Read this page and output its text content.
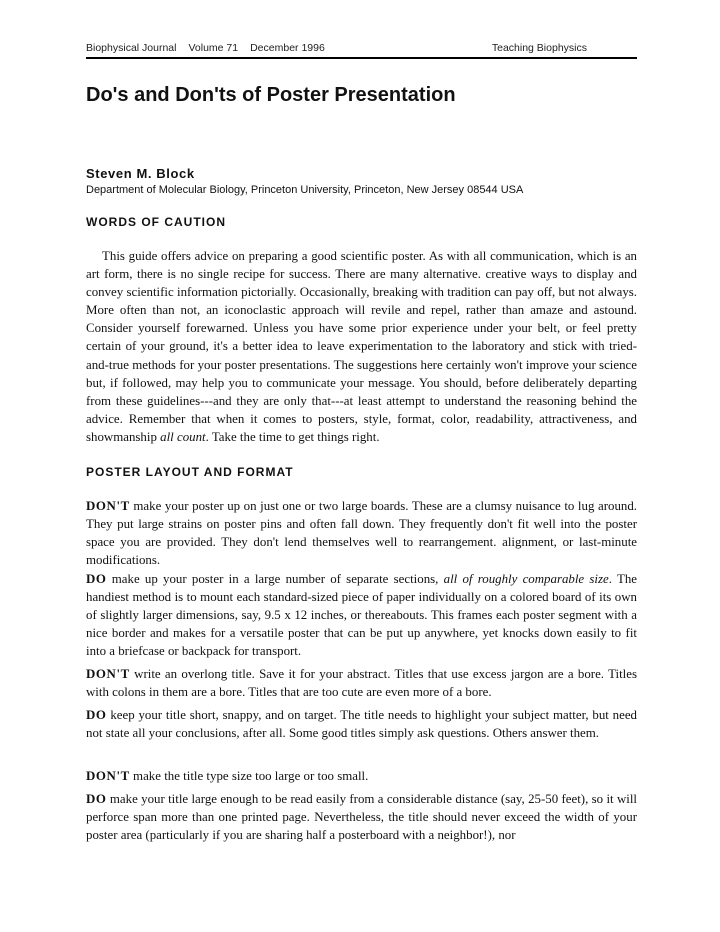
Biophysical Journal Volume 71 December 1996	Teaching Biophysics
Do's and Don'ts of Poster Presentation
Steven M. Block
Department of Molecular Biology, Princeton University, Princeton, New Jersey 08544 USA
WORDS OF CAUTION

This guide offers advice on preparing a good scientific poster. As with all communication, which is an art form, there is no single recipe for success. There are many alternative. creative ways to display and convey scientific information pictorially. Occasionally, breaking with tradition can pay off, but not always. More often than not, an iconoclastic approach will revile and repel, rather than amaze and astound. Consider yourself forewarned. Unless you have some prior experience under your belt, or feel pretty certain of your ground, it's a better idea to leave experimentation to the laboratory and stick with tried-and-true methods for your poster presentations. The suggestions here certainly won't improve your science but, if followed, may help you to communicate your message. You should, before deliberately departing from these guidelines---and they are only that---at least attempt to understand the reasoning behind the advice. Remember that when it comes to posters, style, format, color, readability, attractiveness, and showmanship all count. Take the time to get things right.

POSTER LAYOUT AND FORMAT

DON'T make your poster up on just one or two large boards. These are a clumsy nuisance to lug around. They put large strains on poster pins and often fall down. They frequently don't fit well into the poster space you are provided. They don't lend themselves well to rearrangement. alignment, or last-minute modifications.

DO make up your poster in a large number of separate sections, all of roughly comparable size. The handiest method is to mount each standard-sized piece of paper individually on a colored board of its own of slightly larger dimensions, say, 9.5 x 12 inches, or thereabouts. This frames each poster segment with a nice border and makes for a versatile poster that can be put up anywhere, yet knocks down easily to fit into a briefcase or backpack for transport.

DON'T write an overlong title. Save it for your abstract. Titles that use excess jargon are a bore. Titles with colons in them are a bore. Titles that are too cute are even more of a bore.

DO keep your title short, snappy, and on target. The title needs to highlight your subject matter, but need not state all your conclusions, after all. Some good titles simply ask questions. Others answer them.

DON'T make the title type size too large or too small.

DO make your title large enough to be read easily from a considerable distance (say, 25-50 feet), so it will perforce span more than one printed page. Nevertheless, the title should never exceed the width of your poster area (particularly if you are sharing half a posterboard with a neighbor!), nor
